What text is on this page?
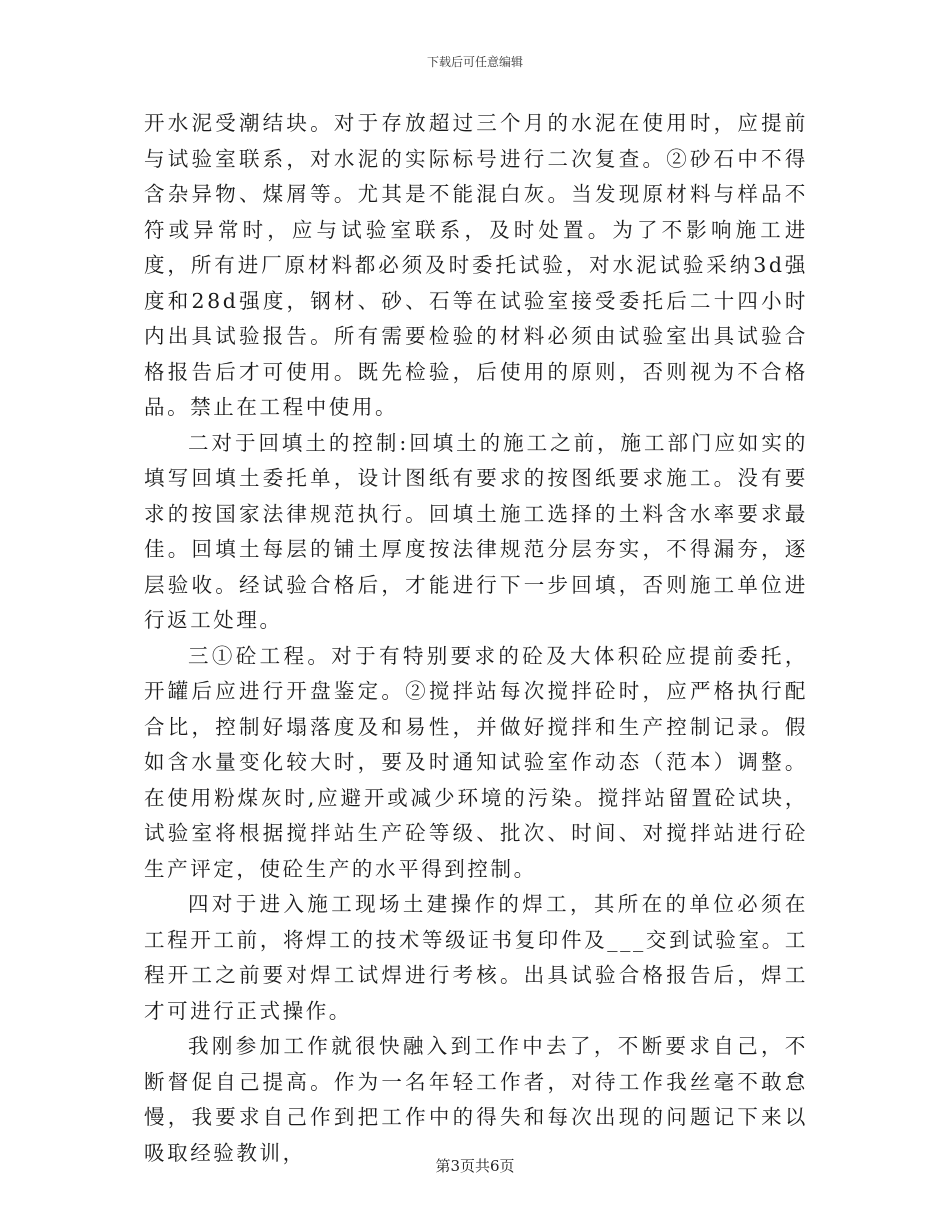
下载后可任意编辑

开水泥受潮结块。对于存放超过三个月的水泥在使用时，应提前与试验室联系，对水泥的实际标号进行二次复查。②砂石中不得含杂异物、煤屑等。尤其是不能混白灰。当发现原材料与样品不符或异常时，应与试验室联系，及时处置。为了不影响施工进度，所有进厂原材料都必须及时委托试验，对水泥试验采纳3d强度和28d强度，钢材、砂、石等在试验室接受委托后二十四小时内出具试验报告。所有需要检验的材料必须由试验室出具试验合格报告后才可使用。既先检验，后使用的原则，否则视为不合格品。禁止在工程中使用。

二对于回填土的控制:回填土的施工之前，施工部门应如实的填写回填土委托单，设计图纸有要求的按图纸要求施工。没有要求的按国家法律规范执行。回填土施工选择的土料含水率要求最佳。回填土每层的铺土厚度按法律规范分层夯实，不得漏夯，逐层验收。经试验合格后，才能进行下一步回填，否则施工单位进行返工处理。

三①砼工程。对于有特别要求的砼及大体积砼应提前委托，开罐后应进行开盘鉴定。②搅拌站每次搅拌砼时，应严格执行配合比，控制好塌落度及和易性，并做好搅拌和生产控制记录。假如含水量变化较大时，要及时通知试验室作动态（范本）调整。在使用粉煤灰时,应避开或减少环境的污染。搅拌站留置砼试块，试验室将根据搅拌站生产砼等级、批次、时间、对搅拌站进行砼生产评定，使砼生产的水平得到控制。

四对于进入施工现场土建操作的焊工，其所在的单位必须在工程开工前，将焊工的技术等级证书复印件及___交到试验室。工程开工之前要对焊工试焊进行考核。出具试验合格报告后，焊工才可进行正式操作。

我刚参加工作就很快融入到工作中去了，不断要求自己，不断督促自己提高。作为一名年轻工作者，对待工作我丝毫不敢怠慢，我要求自己作到把工作中的得失和每次出现的问题记下来以吸取经验教训，

第3页共6页
